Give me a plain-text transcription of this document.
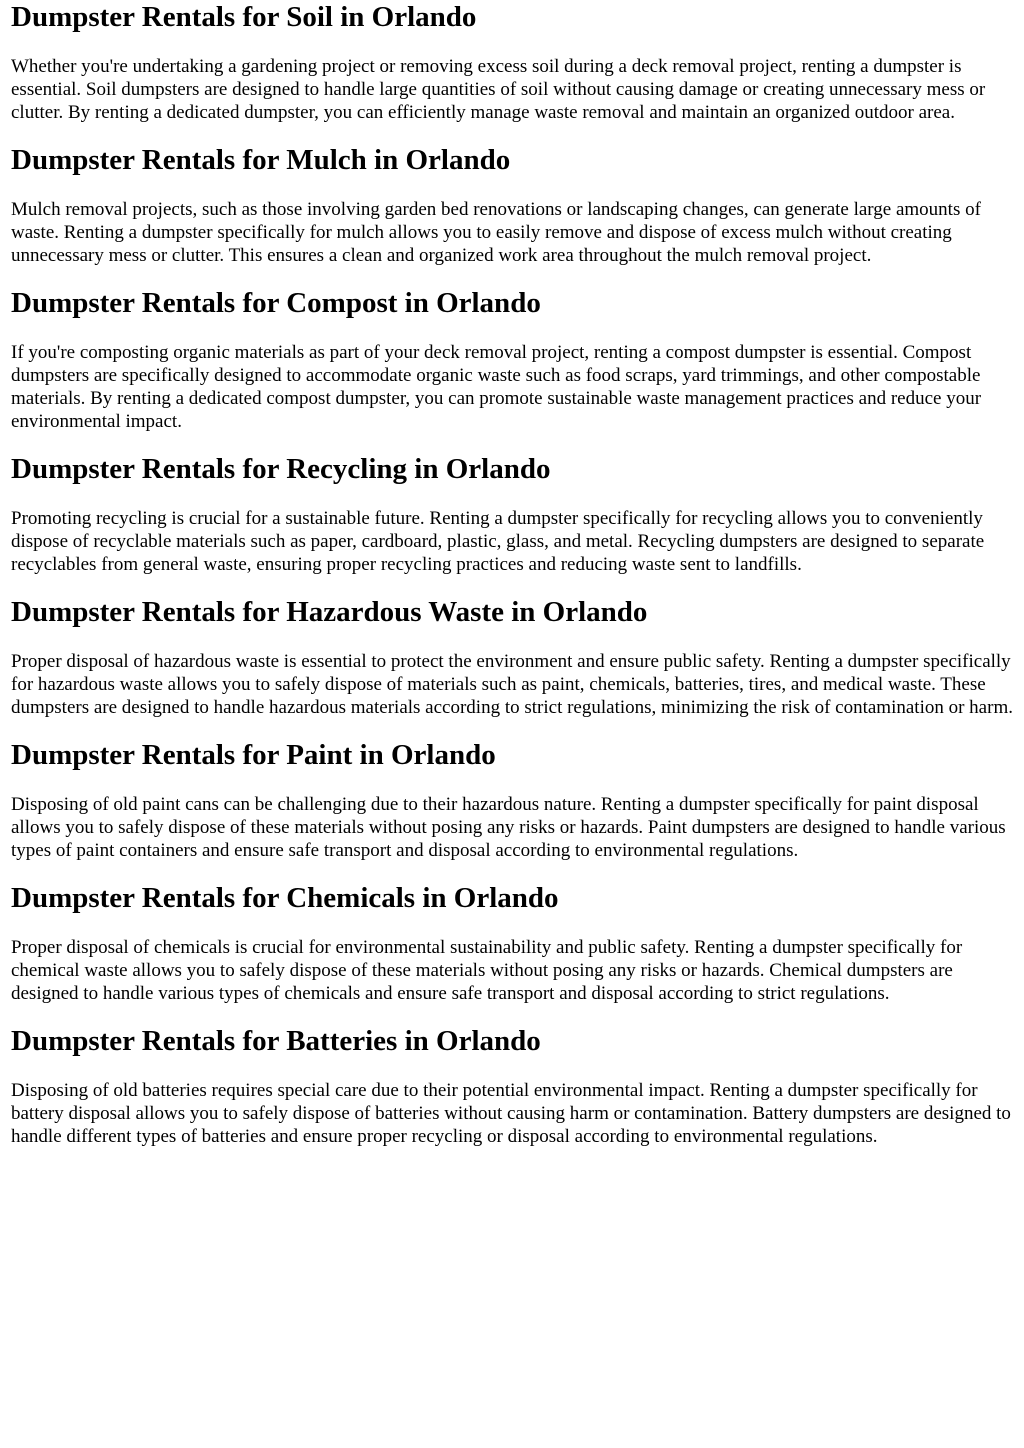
Dumpster Rentals for Soil in Orlando

Whether you're undertaking a gardening project or removing excess soil during a deck removal project, renting a dumpster is essential. Soil dumpsters are designed to handle large quantities of soil without causing damage or creating unnecessary mess or clutter. By renting a dedicated dumpster, you can efficiently manage waste removal and maintain an organized outdoor area.

Dumpster Rentals for Mulch in Orlando

Mulch removal projects, such as those involving garden bed renovations or landscaping changes, can generate large amounts of waste. Renting a dumpster specifically for mulch allows you to easily remove and dispose of excess mulch without creating unnecessary mess or clutter. This ensures a clean and organized work area throughout the mulch removal project.

Dumpster Rentals for Compost in Orlando

If you're composting organic materials as part of your deck removal project, renting a compost dumpster is essential. Compost dumpsters are specifically designed to accommodate organic waste such as food scraps, yard trimmings, and other compostable materials. By renting a dedicated compost dumpster, you can promote sustainable waste management practices and reduce your environmental impact.

Dumpster Rentals for Recycling in Orlando

Promoting recycling is crucial for a sustainable future. Renting a dumpster specifically for recycling allows you to conveniently dispose of recyclable materials such as paper, cardboard, plastic, glass, and metal. Recycling dumpsters are designed to separate recyclables from general waste, ensuring proper recycling practices and reducing waste sent to landfills.

Dumpster Rentals for Hazardous Waste in Orlando

Proper disposal of hazardous waste is essential to protect the environment and ensure public safety. Renting a dumpster specifically for hazardous waste allows you to safely dispose of materials such as paint, chemicals, batteries, tires, and medical waste. These dumpsters are designed to handle hazardous materials according to strict regulations, minimizing the risk of contamination or harm.

Dumpster Rentals for Paint in Orlando

Disposing of old paint cans can be challenging due to their hazardous nature. Renting a dumpster specifically for paint disposal allows you to safely dispose of these materials without posing any risks or hazards. Paint dumpsters are designed to handle various types of paint containers and ensure safe transport and disposal according to environmental regulations.

Dumpster Rentals for Chemicals in Orlando

Proper disposal of chemicals is crucial for environmental sustainability and public safety. Renting a dumpster specifically for chemical waste allows you to safely dispose of these materials without posing any risks or hazards. Chemical dumpsters are designed to handle various types of chemicals and ensure safe transport and disposal according to strict regulations.

Dumpster Rentals for Batteries in Orlando

Disposing of old batteries requires special care due to their potential environmental impact. Renting a dumpster specifically for battery disposal allows you to safely dispose of batteries without causing harm or contamination. Battery dumpsters are designed to handle different types of batteries and ensure proper recycling or disposal according to environmental regulations.
